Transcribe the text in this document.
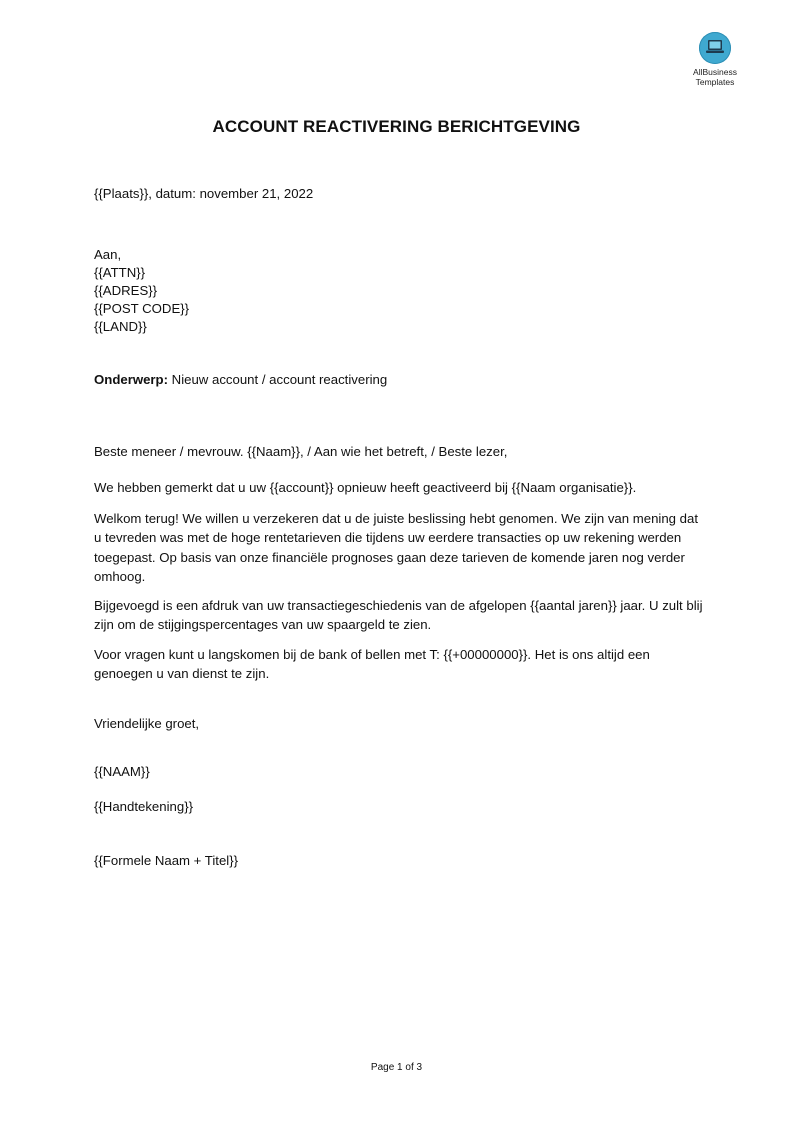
AllBusiness
Templates
ACCOUNT REACTIVERING BERICHTGEVING
{{Plaats}}, datum: november 21, 2022
Aan,
{{ATTN}}
{{ADRES}}
{{POST CODE}}
{{LAND}}
Onderwerp: Nieuw account / account reactivering
Beste meneer / mevrouw. {{Naam}}, / Aan wie het betreft, / Beste lezer,
We hebben gemerkt dat u uw {{account}} opnieuw heeft geactiveerd bij {{Naam organisatie}}.
Welkom terug! We willen u verzekeren dat u de juiste beslissing hebt genomen. We zijn van mening dat u tevreden was met de hoge rentetarieven die tijdens uw eerdere transacties op uw rekening werden toegepast. Op basis van onze financiële prognoses gaan deze tarieven de komende jaren nog verder omhoog.
Bijgevoegd is een afdruk van uw transactiegeschiedenis van de afgelopen {{aantal jaren}} jaar. U zult blij zijn om de stijgingspercentages van uw spaargeld te zien.
Voor vragen kunt u langskomen bij de bank of bellen met T: {{+00000000}}. Het is ons altijd een genoegen u van dienst te zijn.
Vriendelijke groet,
{{NAAM}}
{{Handtekening}}
{{Formele Naam + Titel}}
Page 1 of 3
